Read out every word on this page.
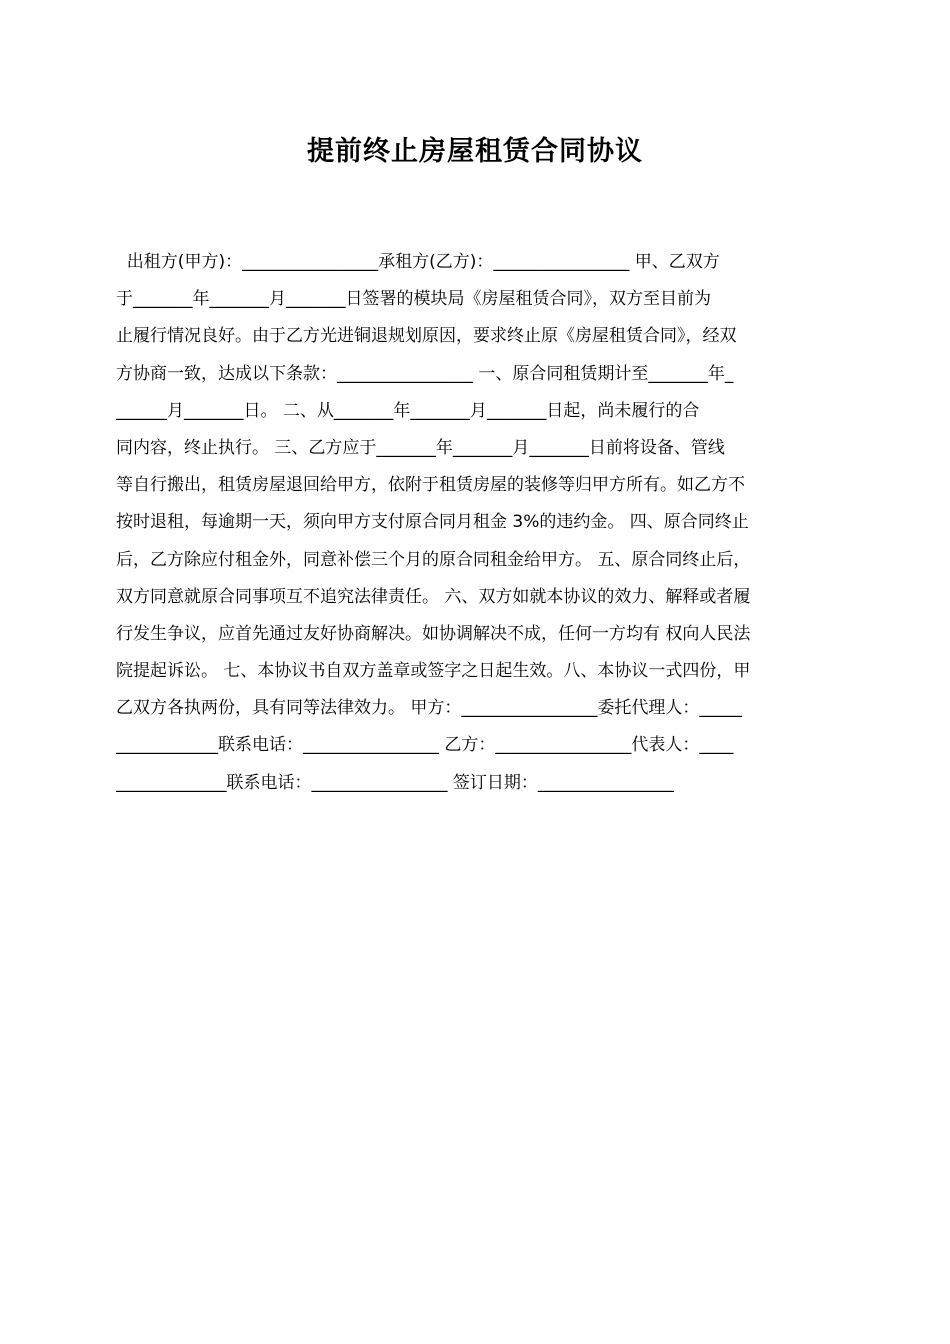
提前终止房屋租赁合同协议
出租方(甲方)：________________承租方(乙方)：________________ 甲、乙双方
于_______年_______月_______日签署的模块局《房屋租赁合同》，双方至目前为
止履行情况良好。由于乙方光进铜退规划原因，要求终止原《房屋租赁合同》，经双
方协商一致，达成以下条款：________________ 一、原合同租赁期计至_______年_
______月_______日。 二、从_______年_______月_______日起，尚未履行的合
同内容，终止执行。 三、乙方应于_______年_______月_______日前将设备、管线
等自行搬出，租赁房屋退回给甲方，依附于租赁房屋的装修等归甲方所有。如乙方不
按时退租，每逾期一天，须向甲方支付原合同月租金 3%的违约金。 四、原合同终止
后，乙方除应付租金外，同意补偿三个月的原合同租金给甲方。 五、原合同终止后，
双方同意就原合同事项互不追究法律责任。 六、双方如就本协议的效力、解释或者履
行发生争议，应首先通过友好协商解决。如协调解决不成，任何一方均有 权向人民法
院提起诉讼。 七、本协议书自双方盖章或签字之日起生效。八、本协议一式四份，甲
乙双方各执两份，具有同等法律效力。 甲方：________________委托代理人：_____
____________联系电话：________________ 乙方：________________代表人：____
_____________联系电话：________________ 签订日期：________________
